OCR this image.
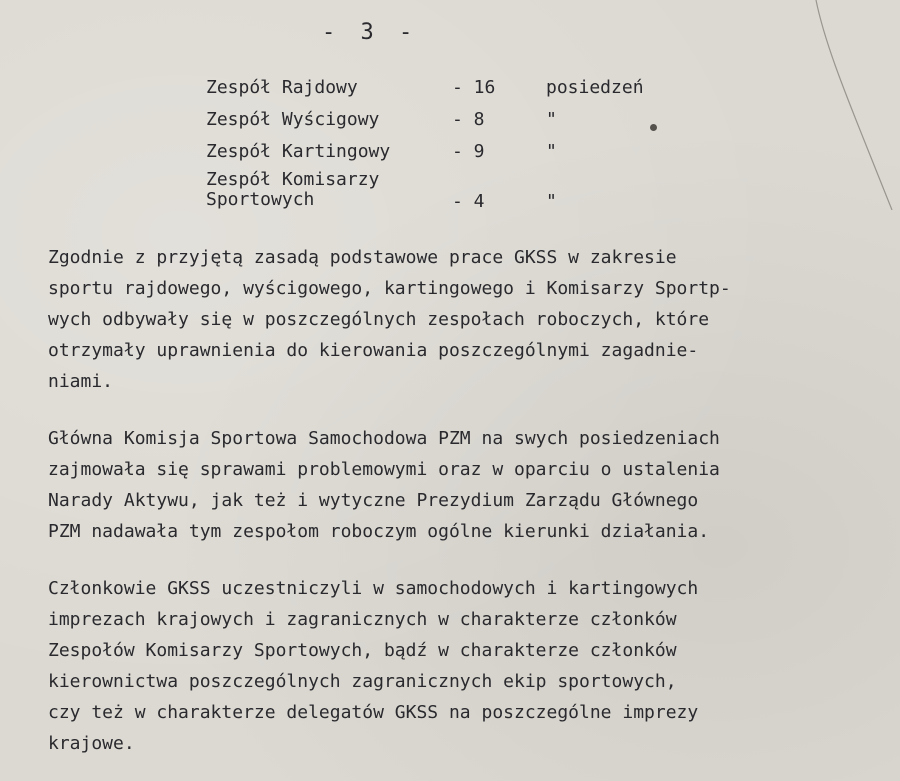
- 3 -
Zespół Rajdowy	- 16	posiedzeń
Zespół Wyścigowy	- 8	"
Zespół Kartingowy	- 9	"
Zespół Komisarzy
Sportowych	- 4	"

Zgodnie z przyjętą zasadą podstawowe prace GKSS w zakresie
sportu rajdowego, wyścigowego, kartingowego i Komisarzy Sportp-
wych odbywały się w poszczególnych zespołach roboczych, które
otrzymały uprawnienia do kierowania poszczególnymi zagadnie-
niami.

Główna Komisja Sportowa Samochodowa PZM na swych posiedzeniach
zajmowała się sprawami problemowymi oraz w oparciu o ustalenia
Narady Aktywu, jak też i wytyczne Prezydium Zarządu Głównego
PZM nadawała tym zespołom roboczym ogólne kierunki działania.

Członkowie GKSS uczestniczyli w samochodowych i kartingowych
imprezach krajowych i zagranicznych w charakterze członków
Zespołów Komisarzy Sportowych, bądź w charakterze członków
kierownictwa poszczególnych zagranicznych ekip sportowych,
czy też w charakterze delegatów GKSS na poszczególne imprezy
krajowe.
